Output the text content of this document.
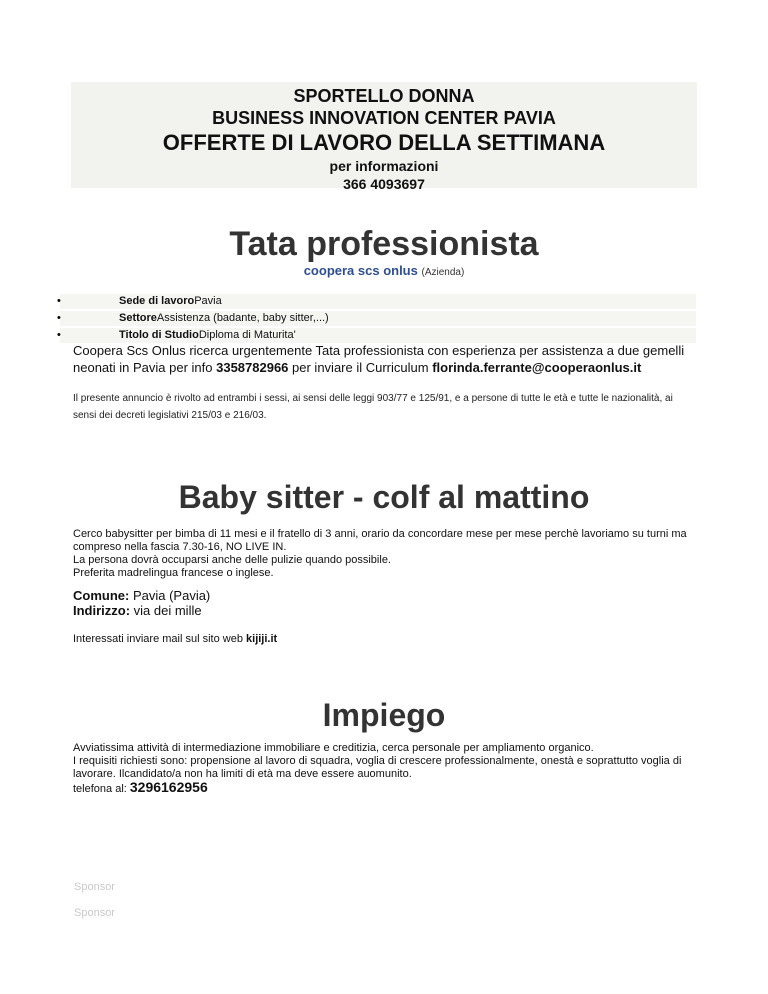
SPORTELLO DONNA
BUSINESS INNOVATION CENTER PAVIA
OFFERTE DI LAVORO DELLA SETTIMANA
per informazioni
366 4093697
Tata professionista
coopera scs onlus (Azienda)
• Sede di lavoroPavia
• SettoreAssistenza (badante, baby sitter,...)
• Titolo di StudioDiploma di Maturita'

Coopera Scs Onlus ricerca urgentemente Tata professionista con esperienza per assistenza a due gemelli neonati in Pavia per info 3358782966 per inviare il Curriculum florinda.ferrante@cooperaonlus.it

Il presente annuncio è rivolto ad entrambi i sessi, ai sensi delle leggi 903/77 e 125/91, e a persone di tutte le età e tutte le nazionalità, ai sensi dei decreti legislativi 215/03 e 216/03.

Baby sitter - colf al mattino
Cerco babysitter per bimba di 11 mesi e il fratello di 3 anni, orario da concordare mese per mese perchè lavoriamo su turni ma compreso nella fascia 7.30-16, NO LIVE IN.
La persona dovrà occuparsi anche delle pulizie quando possibile.
Preferita madrelingua francese o inglese.
Comune: Pavia (Pavia)
Indirizzo: via dei mille
Interessati inviare mail sul sito web kijiji.it
Impiego
Avviatissima attività di intermediazione immobiliare e creditizia, cerca personale per ampliamento organico.
I requisiti richiesti sono: propensione al lavoro di squadra, voglia di crescere professionalmente, onestà e soprattutto voglia di lavorare. Ilcandidato/a non ha limiti di età ma deve essere auomunito.
telefona al: 3296162956
Sponsor
Sponsor
